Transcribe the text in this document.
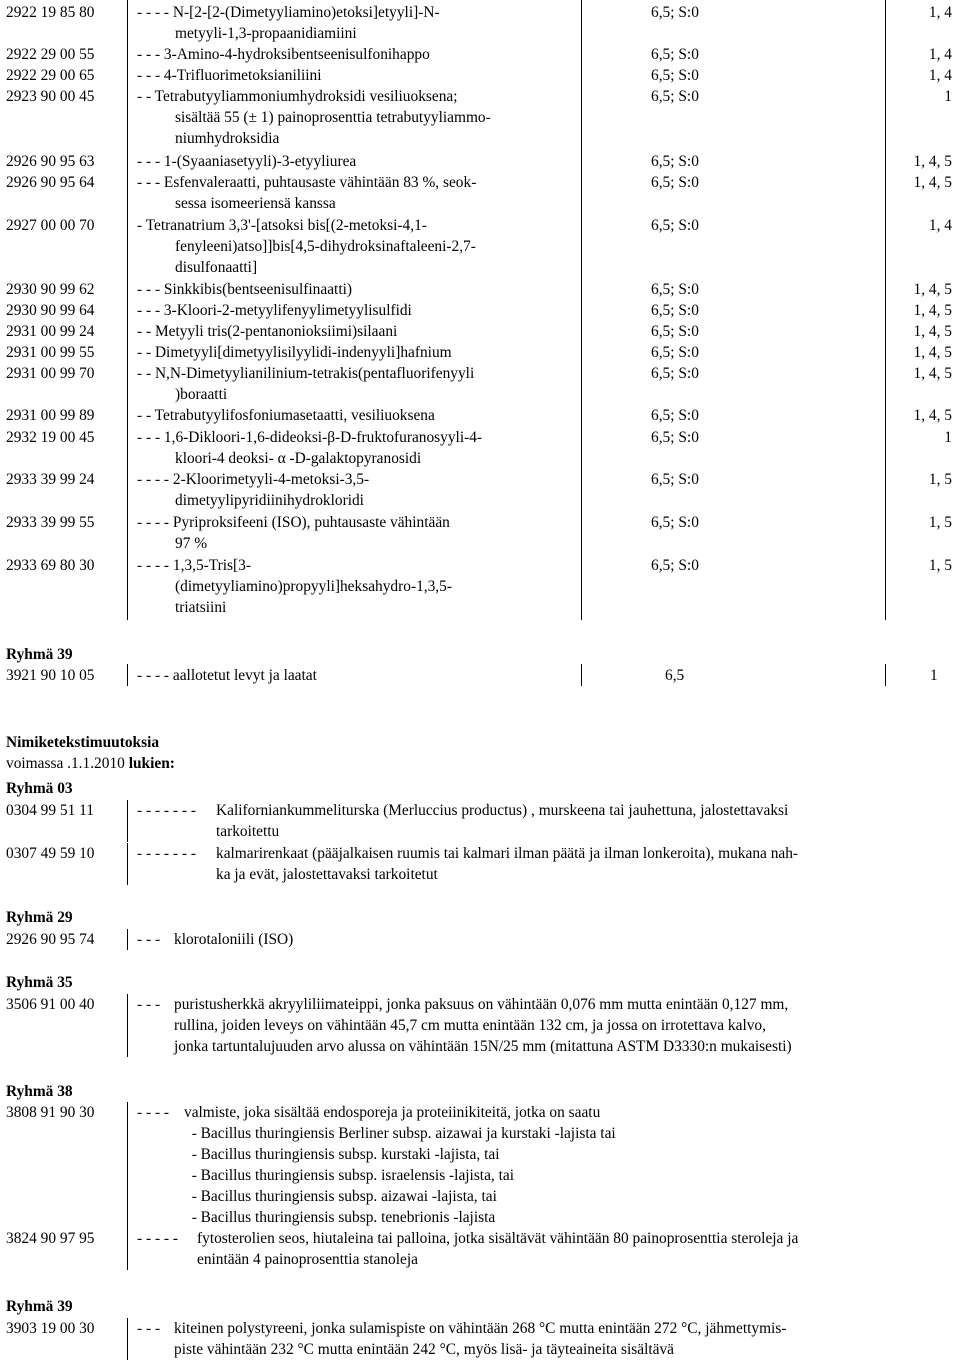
2922 19 85 80	- - - - N-[2-[2-(Dimetyyliamino)etoksi]etyyli]-N-
metyyli-1,3-propaanidiamiini
6,5; S:0	1, 4
2922 29 00 55	- - - 3-Amino-4-hydroksibentseenisulfonihappo	6,5; S:0	1, 4
2922 29 00 65	- - - 4-Trifluorimetoksianiliini	6,5; S:0	1, 4
2923 90 00 45	- - Tetrabutyyliammoniumhydroksidi vesiliuoksena;
sisältää 55 (± 1) painoprosenttia tetrabutyyliammo-
niumhydroksidia
6,5; S:0	1
2926 90 95 63	- - - 1-(Syaaniasetyyli)-3-etyyliurea	6,5; S:0	1, 4, 5
2926 90 95 64	- - - Esfenvaleraatti, puhtausaste vähintään 83 %, seok-
sessa isomeeriensä kanssa
6,5; S:0	1, 4, 5
2927 00 00 70	- Tetranatrium 3,3'-[atsoksi bis[(2-metoksi-4,1-
fenyleeni)atso]]bis[4,5-dihydroksinaftaleeni-2,7-
disulfonaatti]
6,5; S:0	1, 4
2930 90 99 62	- - - Sinkkibis(bentseenisulfinaatti)	6,5; S:0	1, 4, 5
2930 90 99 64	- - - 3-Kloori-2-metyylifenyylimetyylisulfidi	6,5; S:0	1, 4, 5
2931 00 99 24	- - Metyyli tris(2-pentanonioksiimi)silaani	6,5; S:0	1, 4, 5
2931 00 99 55	- - Dimetyyli[dimetyylisilyylidi-indenyyli]hafnium	6,5; S:0	1, 4, 5
2931 00 99 70	- - N,N-Dimetyylianilinium-tetrakis(pentafluorifenyyli
)boraatti
6,5; S:0	1, 4, 5
2931 00 99 89	- - Tetrabutyylifosfoniumasetaatti, vesiliuoksena	6,5; S:0	1, 4, 5
2932 19 00 45	- - - 1,6-Dikloori-1,6-dideoksi-β-D-fruktofuranosyyli-4-
kloori-4 deoksi- α -D-galaktopyranosidi
6,5; S:0	1
2933 39 99 24	- - - - 2-Kloorimetyyli-4-metoksi-3,5-
dimetyylipyridiinihydrokloridi
6,5; S:0	1, 5
2933 39 99 55	- - - - Pyriproksifeeni (ISO), puhtausaste vähintään
97 %
6,5; S:0	1, 5
2933 69 80 30	- - - - 1,3,5-Tris[3-
(dimetyyliamino)propyyli]heksahydro-1,3,5-
triatsiini
6,5; S:0	1, 5
Ryhmä 39
3921 90 10 05	- - - - aallotetut levyt ja laatat	6,5	1
Nimiketekstimuutoksia
voimassa .1.1.2010 lukien:
Ryhmä 03
0304 99 51 11	- - - - - - - Kaliforniankummeliturska (Merluccius productus) , murskeena tai jauhettuna, jalostettavaksi
tarkoitettu
0307 49 59 10	- - - - - - - kalmarirenkaat (pääjalkaisen ruumis tai kalmari ilman päätä ja ilman lonkeroita), mukana nah-
ka ja evät, jalostettavaksi tarkoitetut
Ryhmä 29
2926 90 95 74	- - - klorotaloniili (ISO)
Ryhmä 35
3506 91 00 40	- - - puristusherkkä akryyliliimateippi, jonka paksuus on vähintään 0,076 mm mutta enintään 0,127 mm,
rullina, joiden leveys on vähintään 45,7 cm mutta enintään 132 cm, ja jossa on irrotettava kalvo,
jonka tartuntalujuuden arvo alussa on vähintään 15N/25 mm (mitattuna ASTM D3330:n mukaisesti)
Ryhmä 38
3808 91 90 30	- - - - valmiste, joka sisältää endosporeja ja proteiinikiteitä, jotka on saatu
- Bacillus thuringiensis Berliner subsp. aizawai ja kurstaki -lajista tai
- Bacillus thuringiensis subsp. kurstaki -lajista, tai
- Bacillus thuringiensis subsp. israelensis -lajista, tai
- Bacillus thuringiensis subsp. aizawai -lajista, tai
- Bacillus thuringiensis subsp. tenebrionis -lajista
3824 90 97 95	- - - - - fytosterolien seos, hiutaleina tai palloina, jotka sisältävät vähintään 80 painoprosenttia steroleja ja
enintään 4 painoprosenttia stanoleja
Ryhmä 39
3903 19 00 30	- - - kiteinen polystyreeni, jonka sulamispiste on vähintään 268 °C mutta enintään 272 °C, jähmettymis-
piste vähintään 232 °C mutta enintään 242 °C, myös lisä- ja täyteaineita sisältävä
